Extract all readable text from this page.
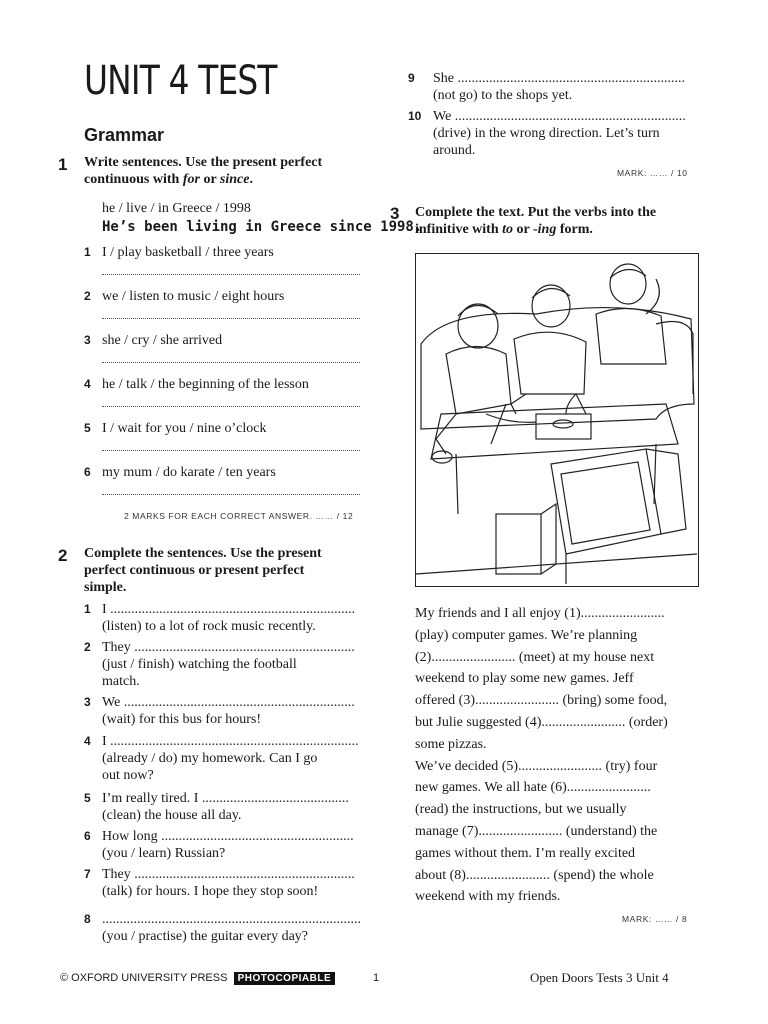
UNIT 4 TEST
Grammar
1 Write sentences. Use the present perfect
continuous with for or since.
he / live / in Greece / 1998
He’s been living in Greece since 1998.
1 I / play basketball / three years
2 we / listen to music / eight hours
3 she / cry / she arrived
4 he / talk / the beginning of the lesson
5 I / wait for you / nine o’clock
6 my mum / do karate / ten years
2 MARKS FOR EACH CORRECT ANSWER. …… / 12
2 Complete the sentences. Use the present
perfect continuous or present perfect
simple.
1 I ......................................................................
(listen) to a lot of rock music recently.
2 They ...............................................................
(just / finish) watching the football
match.
3 We ..................................................................
(wait) for this bus for hours!
4 I .......................................................................
(already / do) my homework. Can I go
out now?
5 I’m really tired. I ..........................................
(clean) the house all day.
6 How long .......................................................
(you / learn) Russian?
7 They ...............................................................
(talk) for hours. I hope they stop soon!
8 ..........................................................................
(you / practise) the guitar every day?
9 She .................................................................
(not go) to the shops yet.
10 We ..................................................................
(drive) in the wrong direction. Let’s turn
around.
MARK: …… / 10
3 Complete the text. Put the verbs into the
infinitive with to or -ing form.
My friends and I all enjoy (1)........................
(play) computer games. We’re planning
(2)........................ (meet) at my house next
weekend to play some new games. Jeff
offered (3)........................ (bring) some food,
but Julie suggested (4)........................ (order)
some pizzas.
We’ve decided (5)........................ (try) four
new games. We all hate (6)........................
(read) the instructions, but we usually
manage (7)........................ (understand) the
games without them. I’m really excited
about (8)........................ (spend) the whole
weekend with my friends.
MARK: …… / 8
© OXFORD UNIVERSITY PRESS PHOTOCOPIABLE	1	Open Doors Tests 3 Unit 4
